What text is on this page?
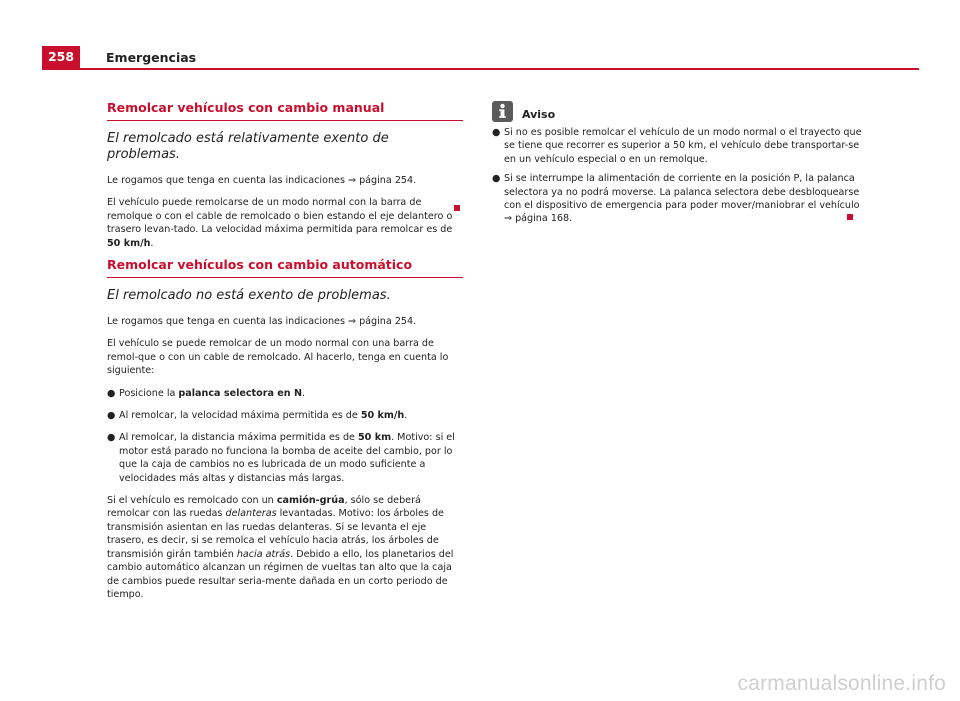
258	Emergencias
Remolcar vehículos con cambio manual
El remolcado está relativamente exento de problemas.

Le rogamos que tenga en cuenta las indicaciones ⇒ página 254.

El vehículo puede remolcarse de un modo normal con la barra de remolque o con el cable de remolcado o bien estando el eje delantero o trasero levan-tado. La velocidad máxima permitida para remolcar es de 50 km/h.

Remolcar vehículos con cambio automático
El remolcado no está exento de problemas.

Le rogamos que tenga en cuenta las indicaciones ⇒ página 254.

El vehículo se puede remolcar de un modo normal con una barra de remol-que o con un cable de remolcado. Al hacerlo, tenga en cuenta lo siguiente:

● Posicione la palanca selectora en N.

● Al remolcar, la velocidad máxima permitida es de 50 km/h.

● Al remolcar, la distancia máxima permitida es de 50 km. Motivo: si el motor está parado no funciona la bomba de aceite del cambio, por lo que la caja de cambios no es lubricada de un modo suficiente a velocidades más altas y distancias más largas.

Si el vehículo es remolcado con un camión-grúa, sólo se deberá remolcar con las ruedas delanteras levantadas. Motivo: los árboles de transmisión asientan en las ruedas delanteras. Si se levanta el eje trasero, es decir, si se remolca el vehículo hacia atrás, los árboles de transmisión girán también hacia atrás. Debido a ello, los planetarios del cambio automático alcanzan un régimen de vueltas tan alto que la caja de cambios puede resultar seria-mente dañada en un corto periodo de tiempo.

Aviso

● Si no es posible remolcar el vehículo de un modo normal o el trayecto que se tiene que recorrer es superior a 50 km, el vehículo debe transportar-se en un vehículo especial o en un remolque.

● Si se interrumpe la alimentación de corriente en la posición P, la palanca selectora ya no podrá moverse. La palanca selectora debe desbloquearse con el dispositivo de emergencia para poder mover/maniobrar el vehículo ⇒ página 168.

carmanualsonline.info
